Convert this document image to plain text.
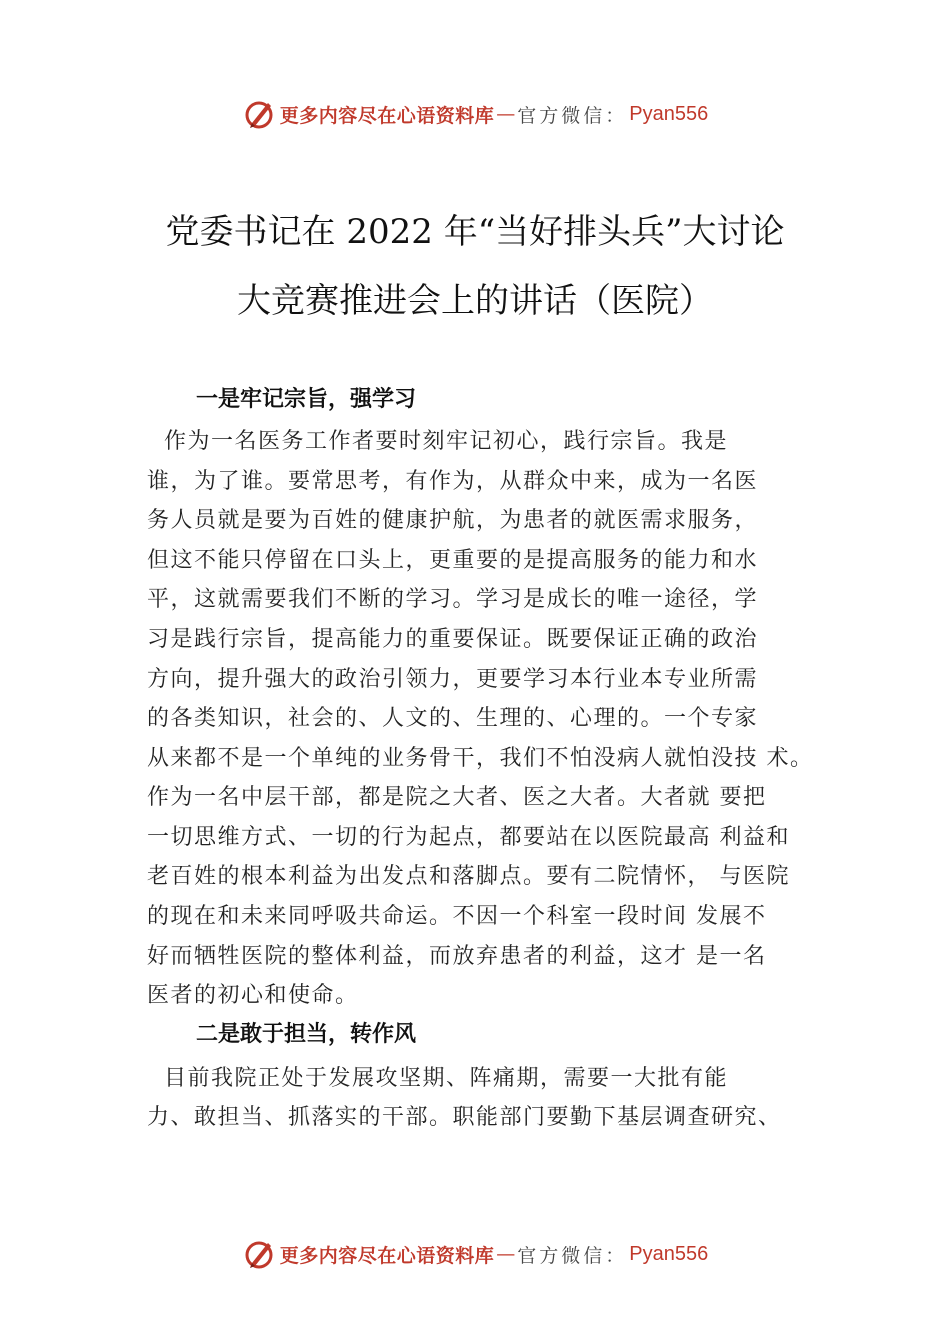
更多内容尽在心语资料库 — 官方微信： Pyan556
党委书记在 2022 年“当好排头兵”大讨论
大竞赛推进会上的讲话（医院）
一是牢记宗旨，强学习
作为一名医务工作者要时刻牢记初心，践行宗旨。我是
谁，为了谁。要常思考，有作为，从群众中来，成为一名医
务人员就是要为百姓的健康护航，为患者的就医需求服务，
但这不能只停留在口头上，更重要的是提高服务的能力和水
平，这就需要我们不断的学习。学习是成长的唯一途径，学
习是践行宗旨，提高能力的重要保证。既要保证正确的政治
方向，提升强大的政治引领力，更要学习本行业本专业所需
的各类知识，社会的、人文的、生理的、心理的。一个专家
从来都不是一个单纯的业务骨干，我们不怕没病人就怕没技 术。
作为一名中层干部，都是院之大者、医之大者。大者就 要把
一切思维方式、一切的行为起点，都要站在以医院最高 利益和
老百姓的根本利益为出发点和落脚点。要有二院情怀， 与医院
的现在和未来同呼吸共命运。不因一个科室一段时间 发展不
好而牺牲医院的整体利益，而放弃患者的利益，这才 是一名
医者的初心和使命。
二是敢于担当，转作风
目前我院正处于发展攻坚期、阵痛期，需要一大批有能
力、敢担当、抓落实的干部。职能部门要勤下基层调查研究、
更多内容尽在心语资料库 — 官方微信： Pyan556
